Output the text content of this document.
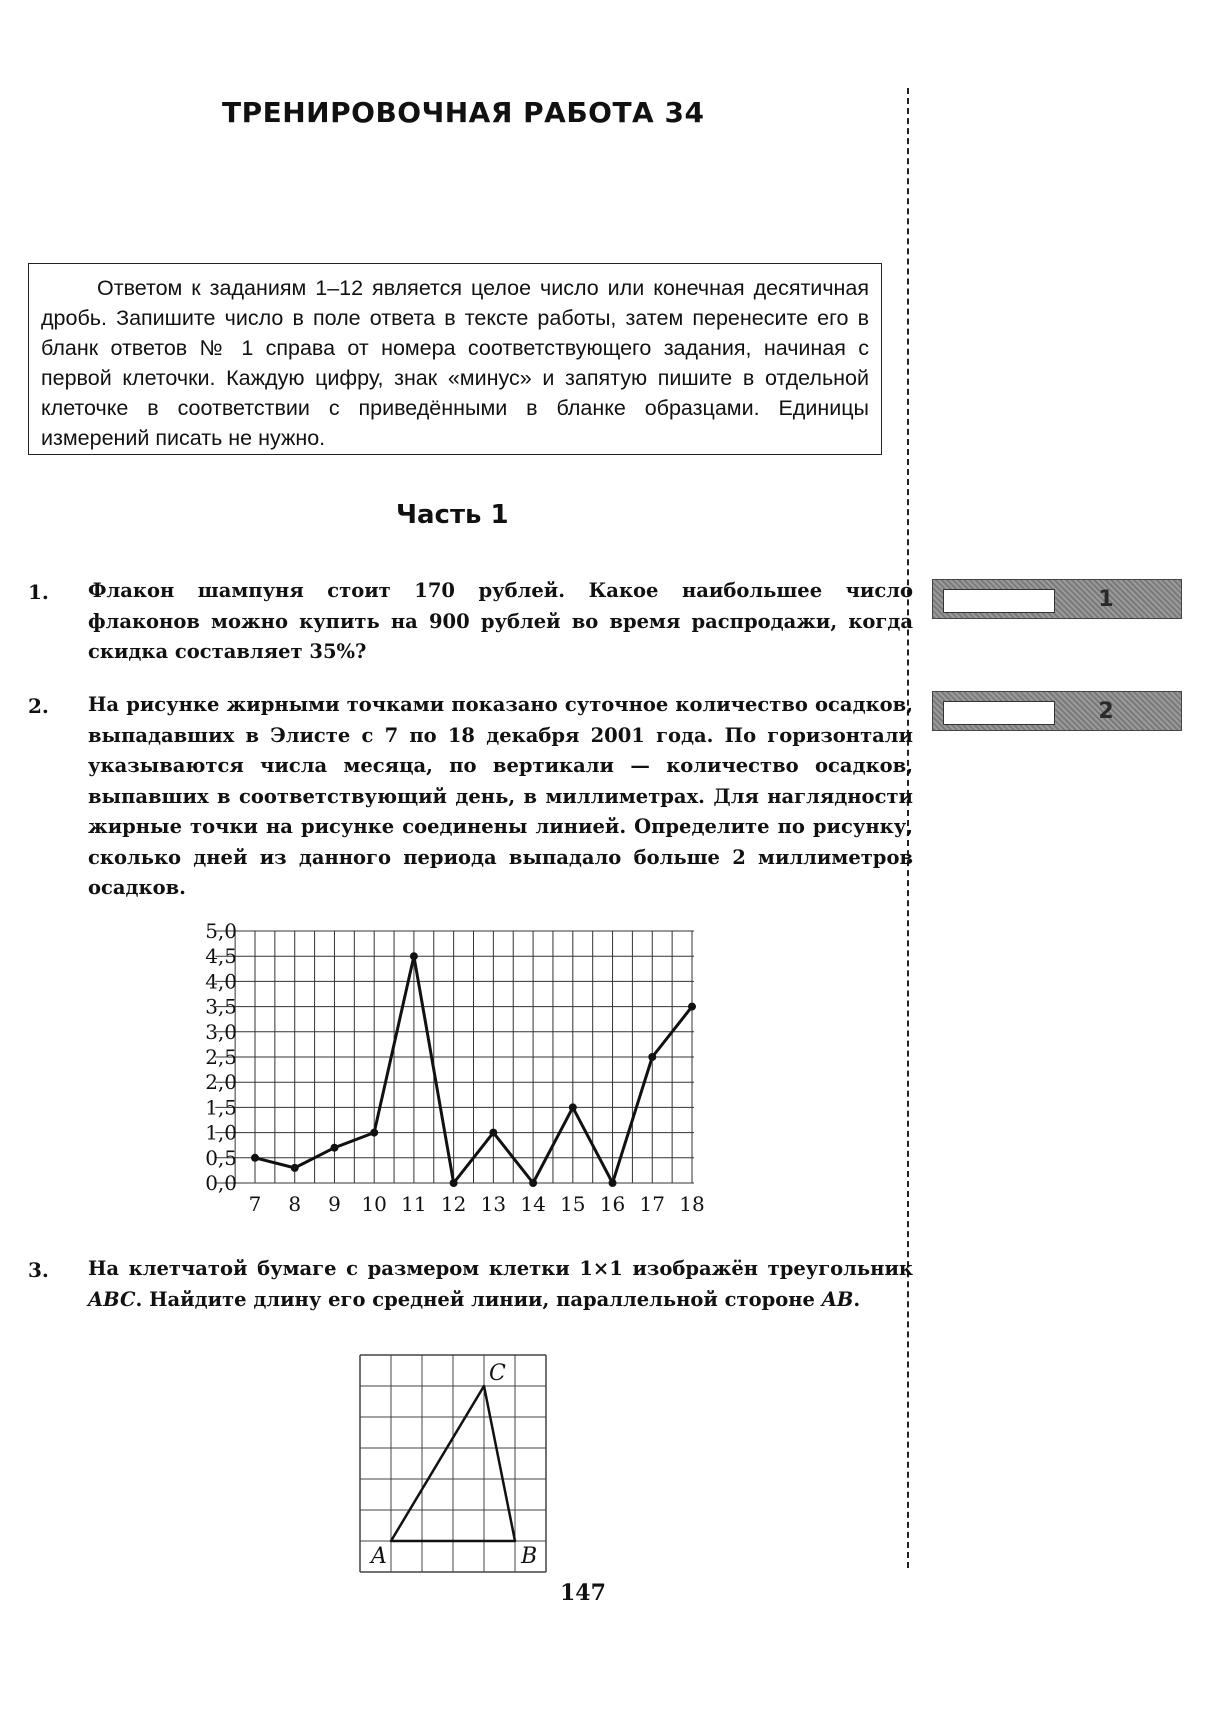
ТРЕНИРОВОЧНАЯ РАБОТА 34

Ответом к заданиям 1–12 является целое число или конечная десятичная дробь. Запишите число в поле ответа в тексте работы, затем перенесите его в бланк ответов № 1 справа от номера соответствующего задания, начиная с первой клеточки. Каждую цифру, знак «минус» и запятую пишите в отдельной клеточке в соответствии с приведёнными в бланке образцами. Единицы измерений писать не нужно.

Часть 1
1. Флакон шампуня стоит 170 рублей. Какое наибольшее число флаконов можно купить на 900 рублей во время распродажи, когда скидка составляет 35%?

1
2. На рисунке жирными точками показано суточное количество осадков, выпадавших в Элисте с 7 по 18 декабря 2001 года. По горизонтали указываются числа месяца, по вертикали — количество осадков, выпавших в соответствующий день, в миллиметрах. Для наглядности жирные точки на рисунке соединены линией. Определите по рисунку, сколько дней из данного периода выпадало больше 2 миллиметров осадков.

2
0,0
0,5
1,0
1,5
2,0
2,5
3,0
3,5
4,0
4,5
5,0
7 8 9 10 11 12 13 14 15 16 17 18
3. На клетчатой бумаге с размером клетки 1×1 изображён треугольник ABC. Найдите длину его средней линии, параллельной стороне AB.

A	B
C
147
